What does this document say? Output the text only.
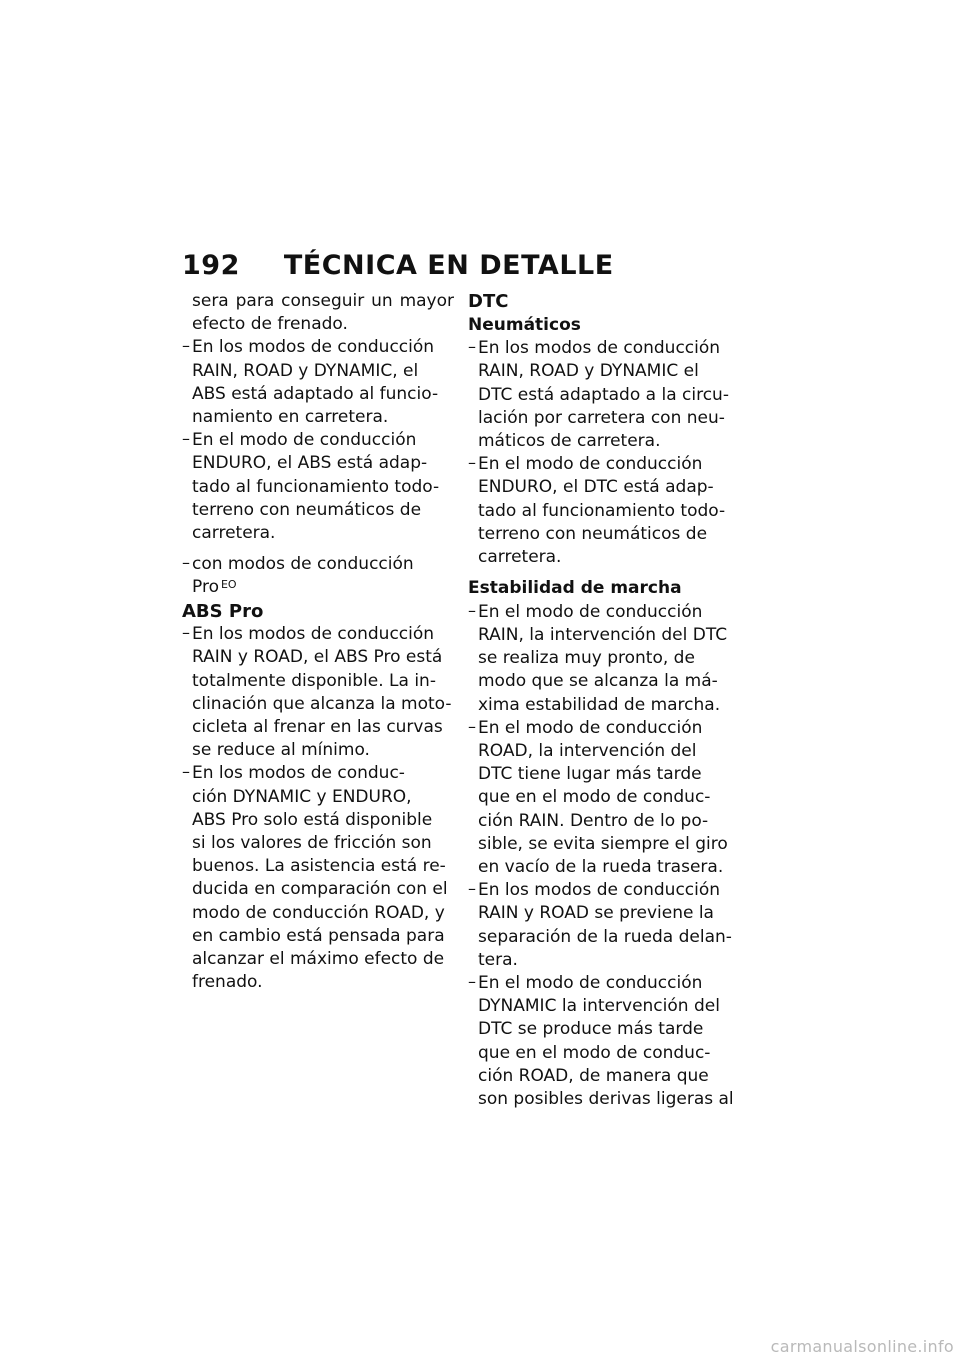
192 TÉCNICA EN DETALLE
sera para conseguir un mayor
efecto de frenado.
– En los modos de conducción
RAIN, ROAD y DYNAMIC, el
ABS está adaptado al funcio-
namiento en carretera.
– En el modo de conducción
ENDURO, el ABS está adap-
tado al funcionamiento todo-
terreno con neumáticos de
carretera.
– con modos de conducción
Pro $^{EO}$
ABS Pro
– En los modos de conducción
RAIN y ROAD, el ABS Pro está
totalmente disponible. La in-
clinación que alcanza la moto-
cicleta al frenar en las curvas
se reduce al mínimo.
– En los modos de conduc-
ción DYNAMIC y ENDURO,
ABS Pro solo está disponible
si los valores de fricción son
buenos. La asistencia está re-
ducida en comparación con el
modo de conducción ROAD, y
en cambio está pensada para
alcanzar el máximo efecto de
frenado.
DTC
Neumáticos
– En los modos de conducción
RAIN, ROAD y DYNAMIC el
DTC está adaptado a la circu-
lación por carretera con neu-
máticos de carretera.
– En el modo de conducción
ENDURO, el DTC está adap-
tado al funcionamiento todo-
terreno con neumáticos de
carretera.
Estabilidad de marcha
– En el modo de conducción
RAIN, la intervención del DTC
se realiza muy pronto, de
modo que se alcanza la má-
xima estabilidad de marcha.
– En el modo de conducción
ROAD, la intervención del
DTC tiene lugar más tarde
que en el modo de conduc-
ción RAIN. Dentro de lo po-
sible, se evita siempre el giro
en vacío de la rueda trasera.
– En los modos de conducción
RAIN y ROAD se previene la
separación de la rueda delan-
tera.
– En el modo de conducción
DYNAMIC la intervención del
DTC se produce más tarde
que en el modo de conduc-
ción ROAD, de manera que
son posibles derivas ligeras al
carmanualsonline.info
